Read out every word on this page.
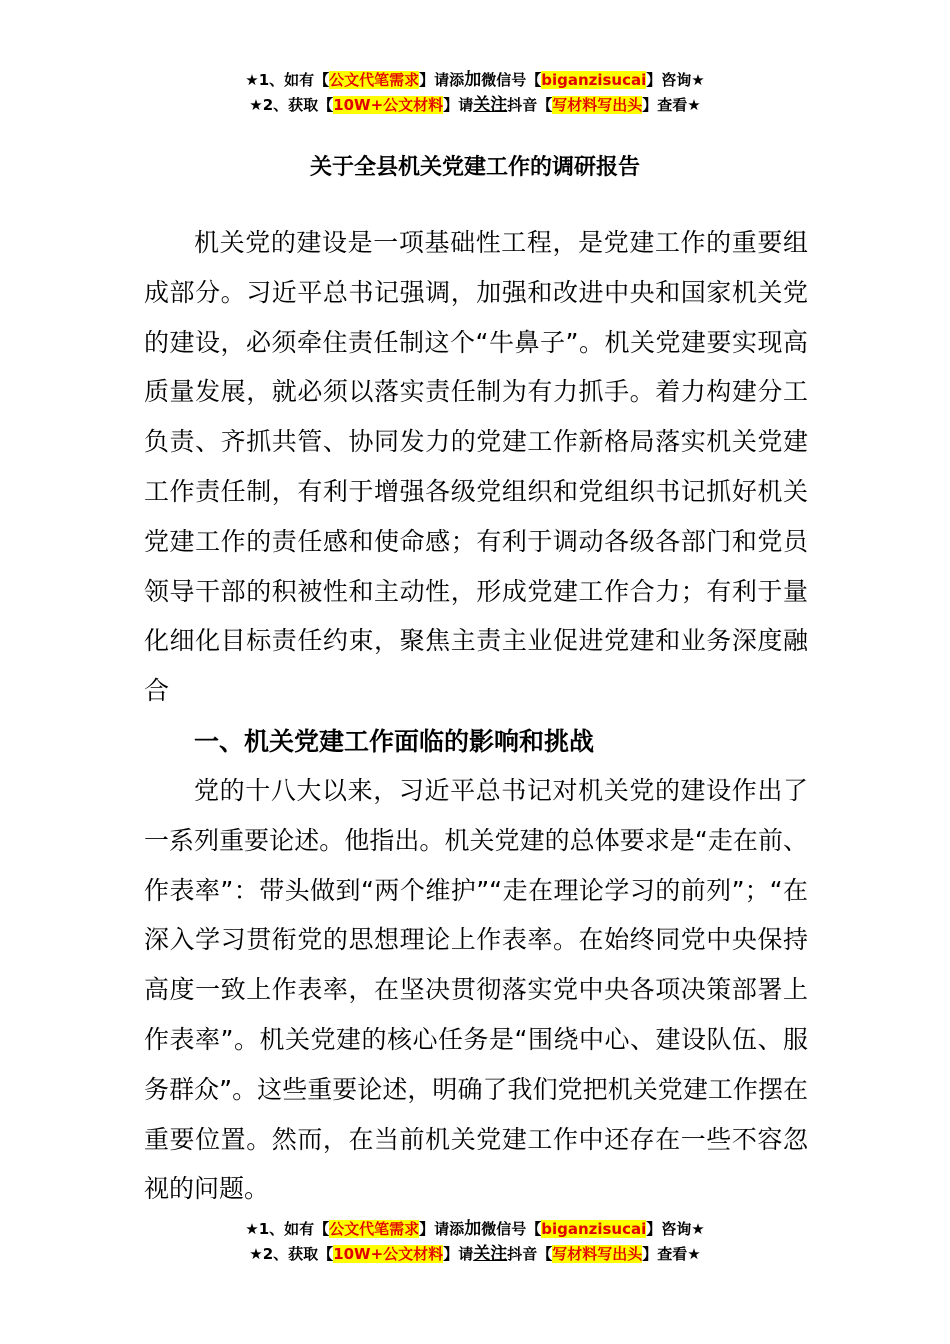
★1、如有【公文代笔需求】请添加微信号【biganzisucai】咨询★
★2、获取【10W+公文材料】请关注抖音【写材料写出头】查看★
关于全县机关党建工作的调研报告

机关党的建设是一项基础性工程，是党建工作的重要组成部分。习近平总书记强调，加强和改进中央和国家机关党的建设，必须牵住责任制这个“牛鼻子”。机关党建要实现高质量发展，就必须以落实责任制为有力抓手。着力构建分工负责、齐抓共管、协同发力的党建工作新格局落实机关党建工作责任制，有利于增强各级党组织和党组织书记抓好机关党建工作的责任感和使命感；有利于调动各级各部门和党员领导干部的积被性和主动性，形成党建工作合力；有利于量化细化目标责任约束，聚焦主责主业促进党建和业务深度融合

一、机关党建工作面临的影响和挑战

党的十八大以来，习近平总书记对机关党的建设作出了一系列重要论述。他指出。机关党建的总体要求是“走在前、作表率”：带头做到“两个维护”“走在理论学习的前列”；“在深入学习贯衔党的思想理论上作表率。在始终同党中央保持高度一致上作表率，在坚决贯彻落实党中央各项决策部署上作表率”。机关党建的核心任务是“围绕中心、建设队伍、服务群众”。这些重要论述，明确了我们党把机关党建工作摆在重要位置。然而，在当前机关党建工作中还存在一些不容忽视的问题。

★1、如有【公文代笔需求】请添加微信号【biganzisucai】咨询★
★2、获取【10W+公文材料】请关注抖音【写材料写出头】查看★
